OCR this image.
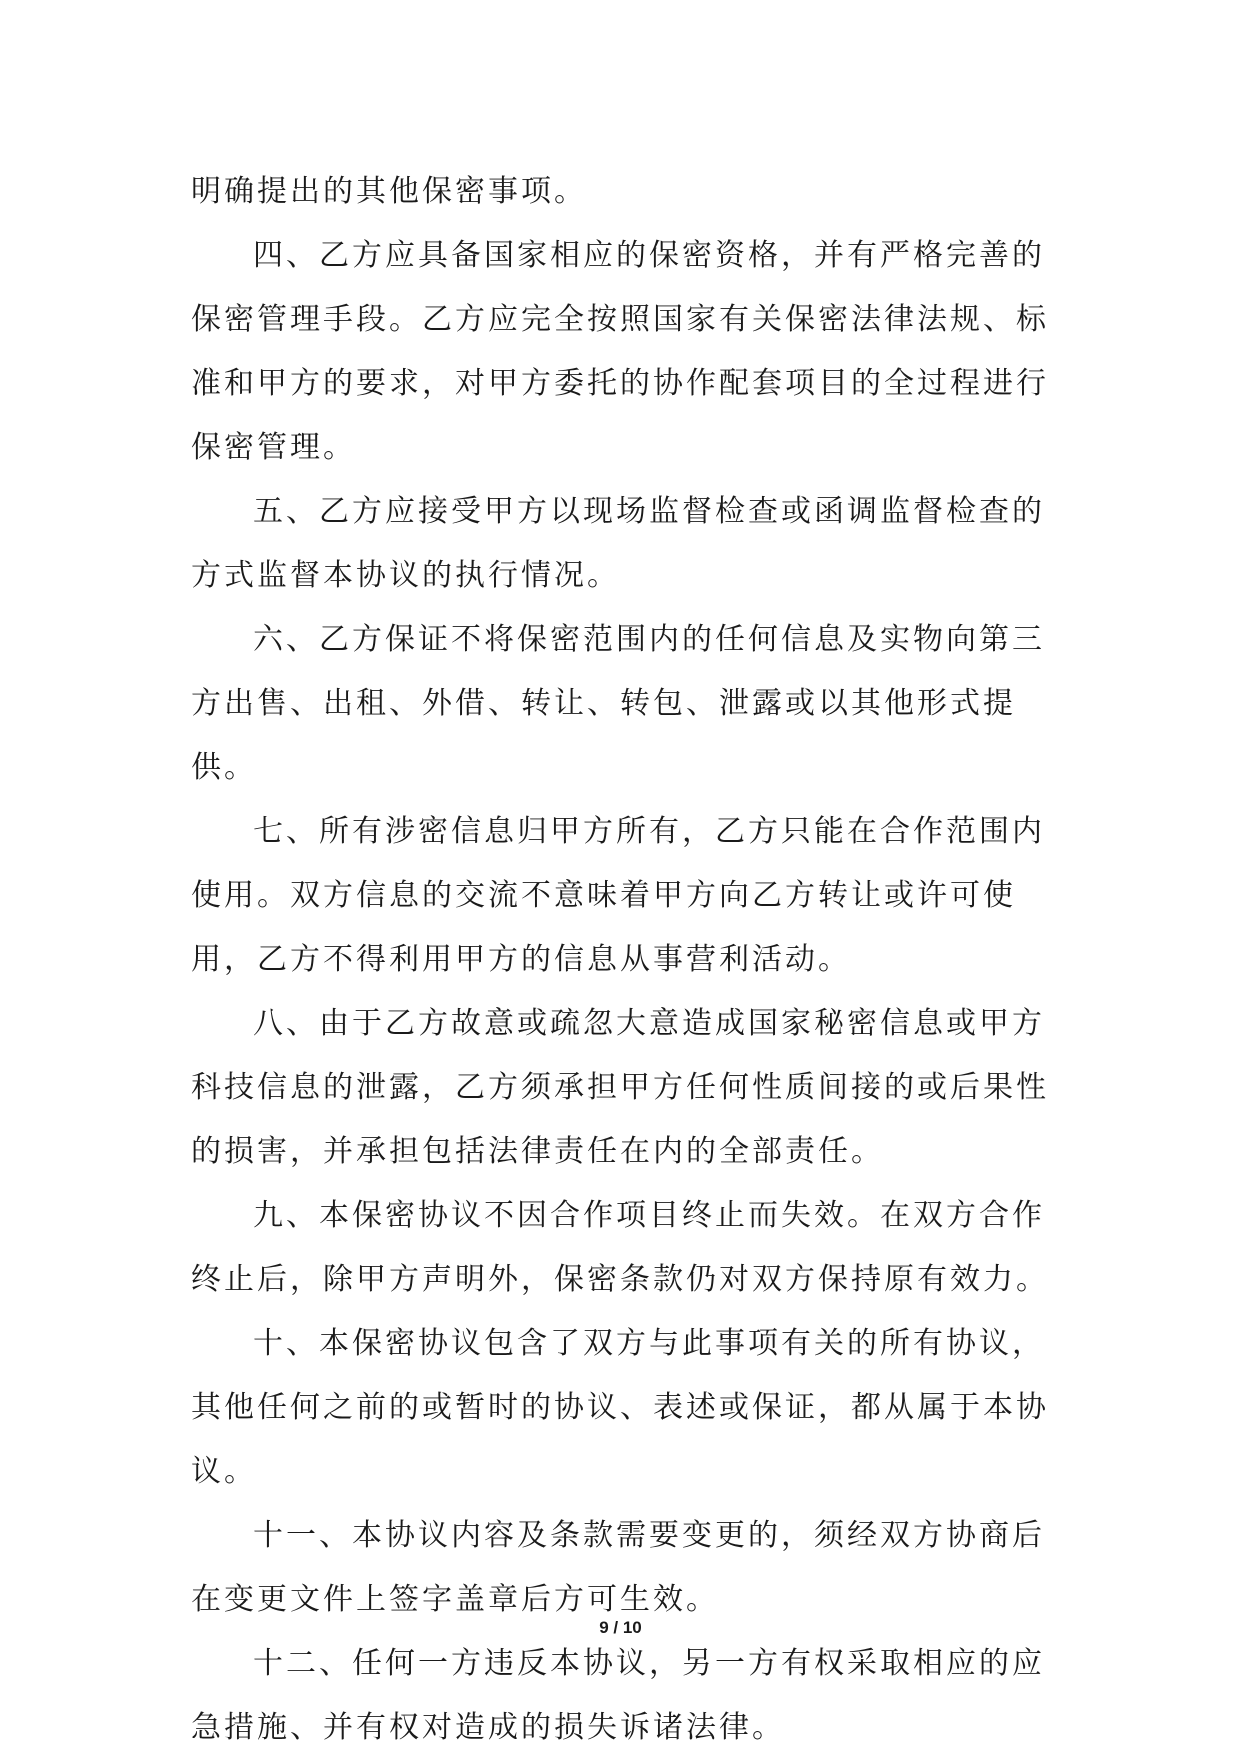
明确提出的其他保密事项。

四、乙方应具备国家相应的保密资格，并有严格完善的保密管理手段。乙方应完全按照国家有关保密法律法规、标准和甲方的要求，对甲方委托的协作配套项目的全过程进行保密管理。

五、乙方应接受甲方以现场监督检查或函调监督检查的方式监督本协议的执行情况。

六、乙方保证不将保密范围内的任何信息及实物向第三方出售、出租、外借、转让、转包、泄露或以其他形式提供。

七、所有涉密信息归甲方所有，乙方只能在合作范围内使用。双方信息的交流不意味着甲方向乙方转让或许可使用，乙方不得利用甲方的信息从事营利活动。

八、由于乙方故意或疏忽大意造成国家秘密信息或甲方科技信息的泄露，乙方须承担甲方任何性质间接的或后果性的损害，并承担包括法律责任在内的全部责任。

九、本保密协议不因合作项目终止而失效。在双方合作终止后，除甲方声明外，保密条款仍对双方保持原有效力。

十、本保密协议包含了双方与此事项有关的所有协议，其他任何之前的或暂时的协议、表述或保证，都从属于本协议。

十一、本协议内容及条款需要变更的，须经双方协商后在变更文件上签字盖章后方可生效。

十二、任何一方违反本协议，另一方有权采取相应的应急措施、并有权对造成的损失诉诸法律。

9 / 10
